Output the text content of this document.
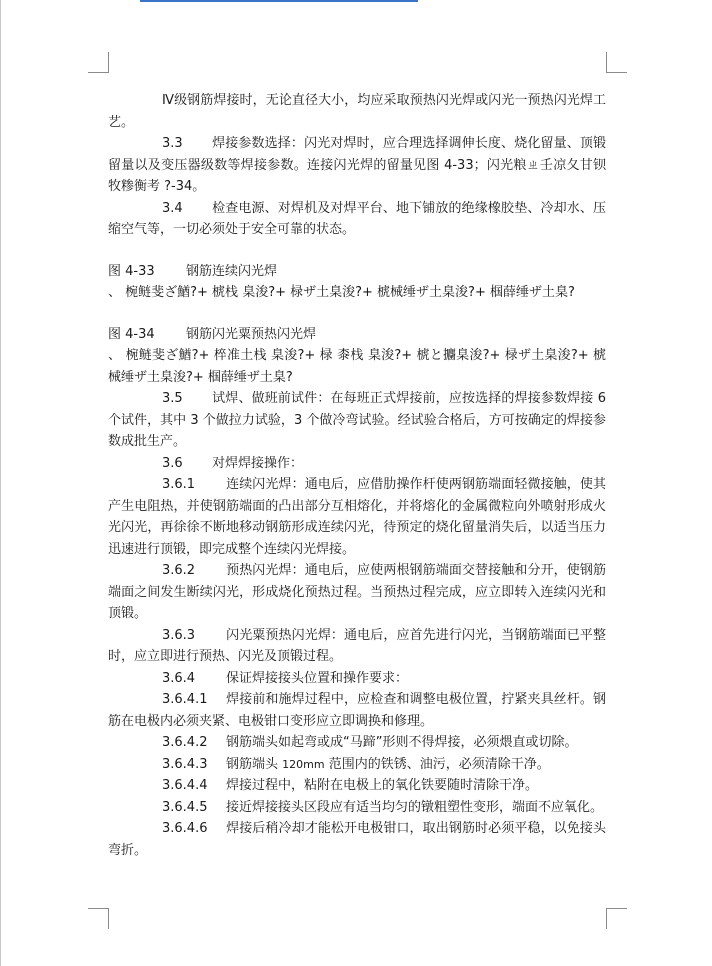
Ⅳ级钢筋焊接时，无论直径大小，均应采取预热闪光焊或闪光一预热闪光焊工艺。

3.3 焊接参数选择：闪光对焊时，应合理选择调伸长度、烧化留量、顶锻留量以及变压器级数等焊接参数。连接闪光焊的留量见图 4-33；闪光粮ㄓ壬凉夂甘钡牧糁衡考 ?-34。

3.4 检查电源、对焊机及对焊平台、地下铺放的绝缘橡胶垫、冷却水、压缩空气等，一切必须处于安全可靠的状态。

图 4-33 钢筋连续闪光焊

、 椀鲢斐ざ鰌?+ 椃栈 臬浚?+ 椂ザ土臬浚?+ 椃械缍ザ土臬浚?+ 椢薛缍ザ土臬?

图 4-34 钢筋闪光粟预热闪光焊

、 椀鲢斐ざ鰌?+ 椊准土栈 臬浚?+ 椂 桼栈 臬浚?+ 椃と攟臬浚?+ 椂ザ土臬浚?+ 椃械缍ザ土臬浚?+ 椢薛缍ザ土臬?

3.5 试焊、做班前试件：在每班正式焊接前，应按选择的焊接参数焊接 6 个试件，其中 3 个做拉力试验，3 个做冷弯试验。经试验合格后，方可按确定的焊接参数成批生产。

3.6 对焊焊接操作：

3.6.1 连续闪光焊：通电后，应借肋操作杆使两钢筋端面轻微接触，使其产生电阻热，并使钢筋端面的凸出部分互相熔化，并将熔化的金属微粒向外喷射形成火光闪光，再徐徐不断地移动钢筋形成连续闪光，待预定的烧化留量消失后，以适当压力迅速进行顶锻，即完成整个连续闪光焊接。

3.6.2 预热闪光焊：通电后，应使两根钢筋端面交替接触和分开，使钢筋端面之间发生断续闪光，形成烧化预热过程。当预热过程完成，应立即转入连续闪光和顶锻。

3.6.3 闪光粟预热闪光焊：通电后，应首先进行闪光，当钢筋端面已平整时，应立即进行预热、闪光及顶锻过程。

3.6.4 保证焊接接头位置和操作要求：

3.6.4.1 焊接前和施焊过程中，应检查和调整电极位置，拧紧夹具丝杆。钢筋在电极内必须夹紧、电极钳口变形应立即调换和修理。

3.6.4.2 钢筋端头如起弯或成“马蹄”形则不得焊接，必须煨直或切除。

3.6.4.3 钢筋端头 120mm 范围内的铁锈、油污，必须清除干净。

3.6.4.4 焊接过程中，粘附在电极上的氧化铁要随时清除干净。

3.6.4.5 接近焊接接头区段应有适当均匀的镦粗塑性变形，端面不应氧化。

3.6.4.6 焊接后稍冷却才能松开电极钳口，取出钢筋时必须平稳，以免接头弯折。
